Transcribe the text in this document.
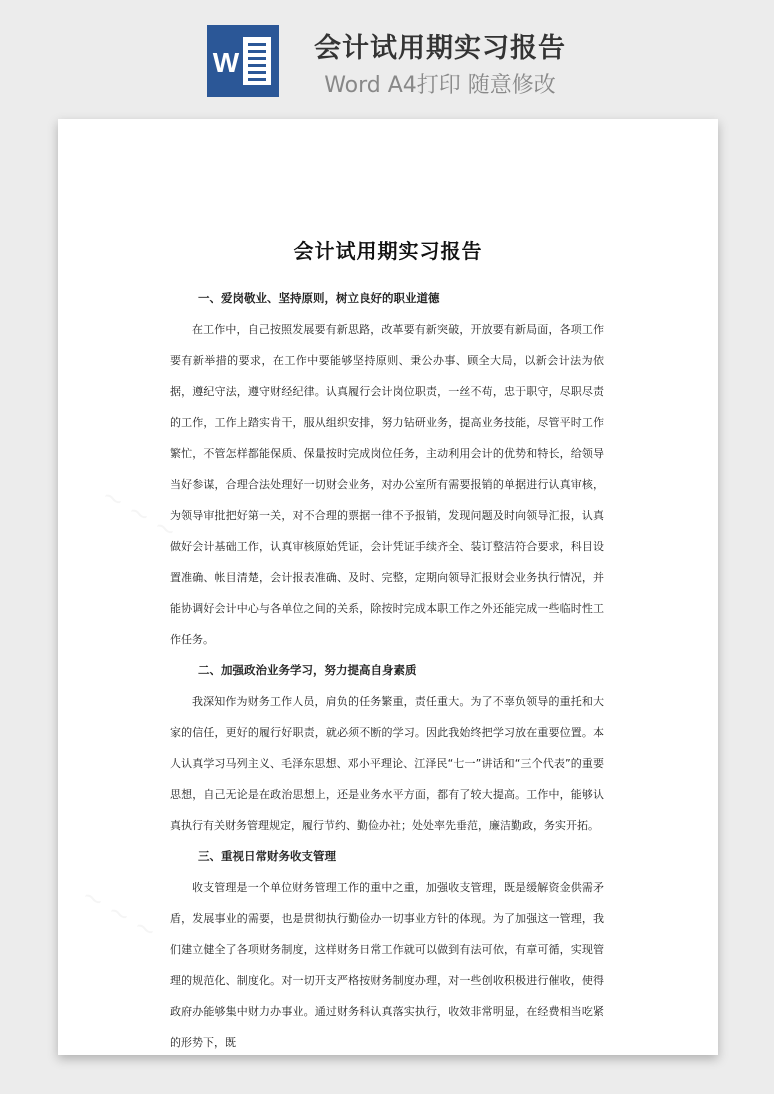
W	会计试用期实习报告
Word A4打印 随意修改
会计试用期实习报告
一、爱岗敬业、坚持原则，树立良好的职业道德

在工作中，自己按照发展要有新思路，改革要有新突破，开放要有新局面，各项工作要有新举措的要求，在工作中要能够坚持原则、秉公办事、顾全大局，以新会计法为依据，遵纪守法，遵守财经纪律。认真履行会计岗位职责，一丝不苟，忠于职守，尽职尽责的工作，工作上踏实肯干，服从组织安排，努力钻研业务，提高业务技能，尽管平时工作繁忙，不管怎样都能保质、保量按时完成岗位任务，主动利用会计的优势和特长，给领导当好参谋，合理合法处理好一切财会业务，对办公室所有需要报销的单据进行认真审核，为领导审批把好第一关，对不合理的票据一律不予报销，发现问题及时向领导汇报，认真做好会计基础工作，认真审核原始凭证，会计凭证手续齐全、装订整洁符合要求，科目设置准确、帐目清楚，会计报表准确、及时、完整，定期向领导汇报财会业务执行情况，并能协调好会计中心与各单位之间的关系，除按时完成本职工作之外还能完成一些临时性工作任务。

二、加强政治业务学习，努力提高自身素质

我深知作为财务工作人员，肩负的任务繁重，责任重大。为了不辜负领导的重托和大家的信任，更好的履行好职责，就必须不断的学习。因此我始终把学习放在重要位置。本人认真学习马列主义、毛泽东思想、邓小平理论、江泽民“七一”讲话和“三个代表”的重要思想，自己无论是在政治思想上，还是业务水平方面，都有了较大提高。工作中，能够认真执行有关财务管理规定，履行节约、勤俭办社；处处率先垂范，廉洁勤政，务实开拓。

三、重视日常财务收支管理

收支管理是一个单位财务管理工作的重中之重，加强收支管理，既是缓解资金供需矛盾，发展事业的需要，也是贯彻执行勤俭办一切事业方针的体现。为了加强这一管理，我们建立健全了各项财务制度，这样财务日常工作就可以做到有法可依，有章可循，实现管理的规范化、制度化。对一切开支严格按财务制度办理，对一些创收积极进行催收，使得政府办能够集中财力办事业。通过财务科认真落实执行，收效非常明显，在经费相当吃紧的形势下，既
